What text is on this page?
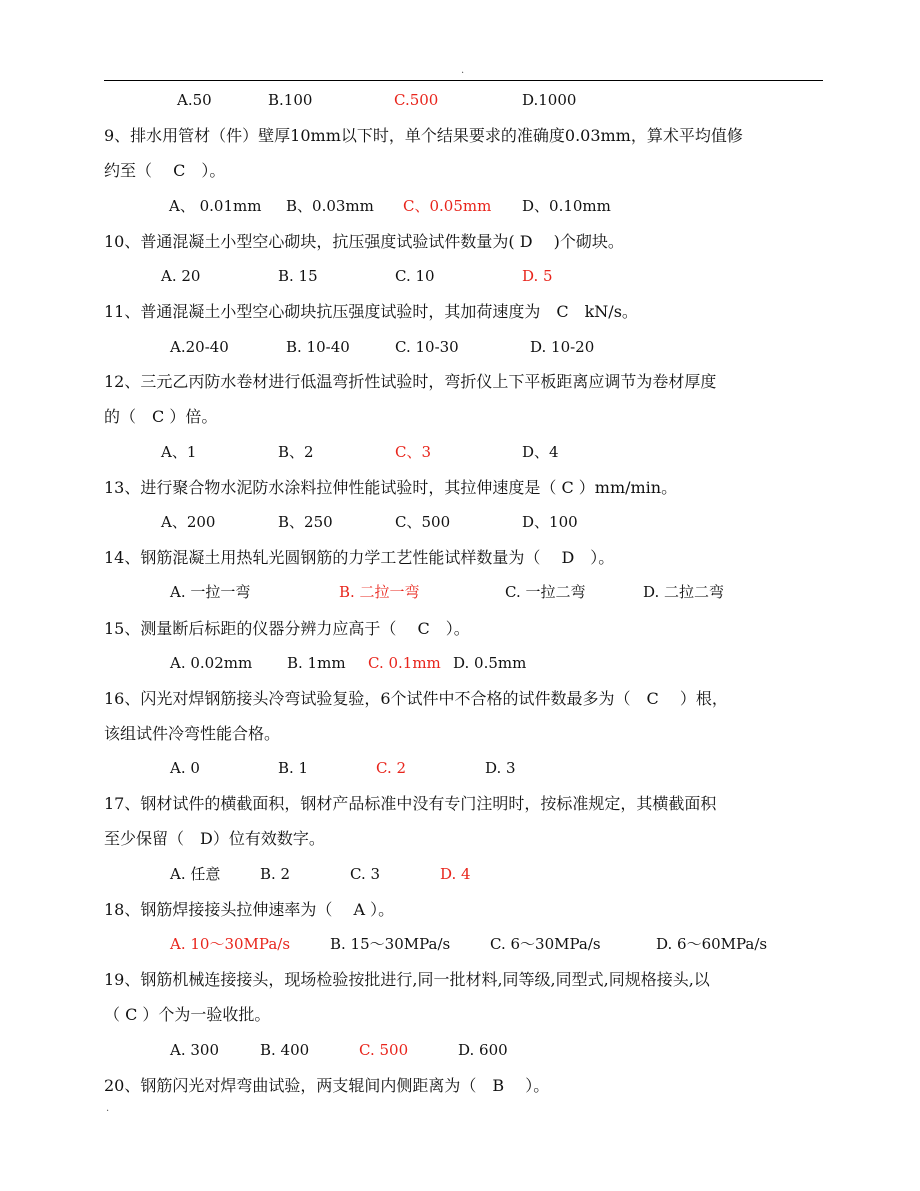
.
A.50	B.100	C.500	D.1000
9、排水用管材（件）壁厚10mm以下时，单个结果要求的准确度0.03mm，算术平均值修
约至（　 C　）。
A、 0.01mm B、0.03mm C、0.05mm D、0.10mm
10、普通混凝土小型空心砌块，抗压强度试验试件数量为( D　 )个砌块。
A. 20	B. 15	C. 10	D. 5
11、普通混凝土小型空心砌块抗压强度试验时，其加荷速度为　C　kN/s。
A.20-40	B. 10-40	C. 10-30	D. 10-20
12、三元乙丙防水卷材进行低温弯折性试验时，弯折仪上下平板距离应调节为卷材厚度
的（　C ）倍。
A、1	B、2	C、3	D、4
13、进行聚合物水泥防水涂料拉伸性能试验时，其拉伸速度是（ C ）mm/min。
A、200	B、250	C、500	D、100
14、钢筋混凝土用热轧光圆钢筋的力学工艺性能试样数量为（　 D　）。
A. 一拉一弯	B. 二拉一弯	C. 一拉二弯	D. 二拉二弯
15、测量断后标距的仪器分辨力应高于（　 C　）。
A. 0.02mm B. 1mm C. 0.1mm D. 0.5mm
16、闪光对焊钢筋接头冷弯试验复验，6个试件中不合格的试件数最多为（　C　 ）根，
该组试件冷弯性能合格。
A. 0	B. 1	C. 2	D. 3
17、钢材试件的横截面积，钢材产品标准中没有专门注明时，按标准规定，其横截面积
至少保留（　D）位有效数字。
A. 任意	B. 2	C. 3	D. 4
18、钢筋焊接接头拉伸速率为（　 A ）。
A. 10～30MPa/s	B. 15～30MPa/s	C. 6～30MPa/s	D. 6～60MPa/s
19、钢筋机械连接接头，现场检验按批进行,同一批材料,同等级,同型式,同规格接头,以
（ C ）个为一验收批。
A. 300	B. 400	C. 500	D. 600
20、钢筋闪光对焊弯曲试验，两支辊间内侧距离为（　B　 ）。
.
